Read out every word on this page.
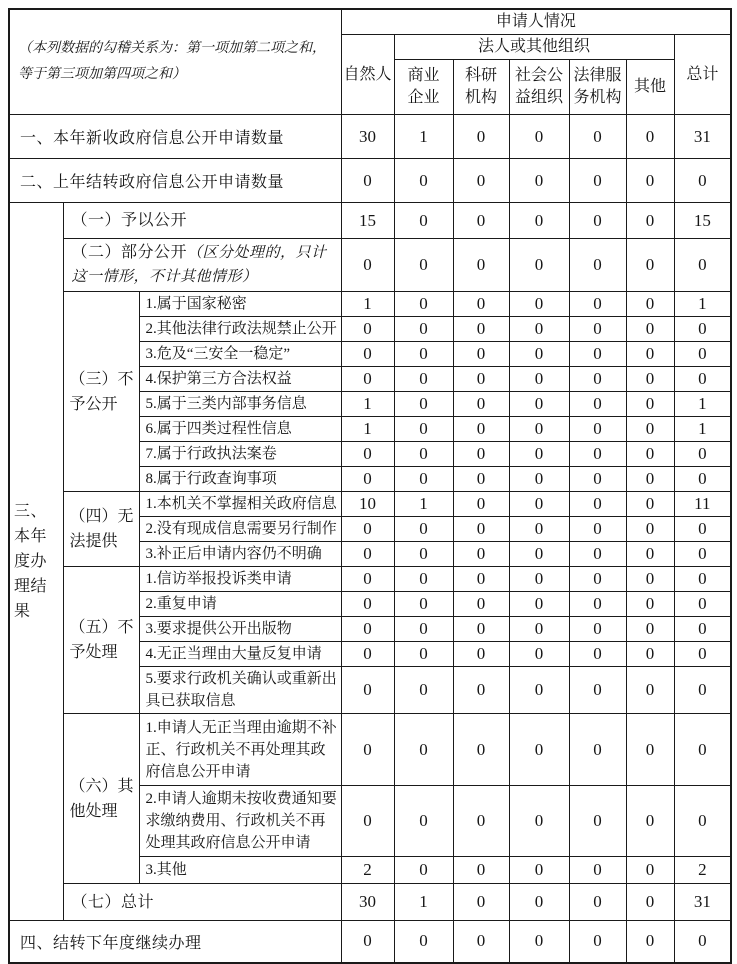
（本列数据的勾稽关系为：第一项加第二项之和，等于第三项加第四项之和）			申请人情况						
			自然人	法人或其他组织					总计
				商业企业	科研机构	社会公益组织	法律服务机构	其他	
一、本年新收政府信息公开申请数量			30	1	0	0	0	0	31
二、上年结转政府信息公开申请数量			0	0	0	0	0	0	0
三、本年度办理结果	（一）予以公开		15	0	0	0	0	0	15
	（二）部分公开（区分处理的，只计这一情形，不计其他情形）		0	0	0	0	0	0	0
	（三）不予公开	1.属于国家秘密	1	0	0	0	0	0	1
		2.其他法律行政法规禁止公开	0	0	0	0	0	0	0
		3.危及“三安全一稳定”	0	0	0	0	0	0	0
		4.保护第三方合法权益	0	0	0	0	0	0	0
		5.属于三类内部事务信息	1	0	0	0	0	0	1
		6.属于四类过程性信息	1	0	0	0	0	0	1
		7.属于行政执法案卷	0	0	0	0	0	0	0
		8.属于行政查询事项	0	0	0	0	0	0	0
	（四）无法提供	1.本机关不掌握相关政府信息	10	1	0	0	0	0	11
		2.没有现成信息需要另行制作	0	0	0	0	0	0	0
		3.补正后申请内容仍不明确	0	0	0	0	0	0	0
	（五）不予处理	1.信访举报投诉类申请	0	0	0	0	0	0	0
		2.重复申请	0	0	0	0	0	0	0
		3.要求提供公开出版物	0	0	0	0	0	0	0
		4.无正当理由大量反复申请	0	0	0	0	0	0	0
		5.要求行政机关确认或重新出具已获取信息	0	0	0	0	0	0	0
	（六）其他处理	1.申请人无正当理由逾期不补正、行政机关不再处理其政府信息公开申请	0	0	0	0	0	0	0
		2.申请人逾期未按收费通知要求缴纳费用、行政机关不再处理其政府信息公开申请	0	0	0	0	0	0	0
		3.其他	2	0	0	0	0	0	2
	（七）总计		30	1	0	0	0	0	31
四、结转下年度继续办理			0	0	0	0	0	0	0
